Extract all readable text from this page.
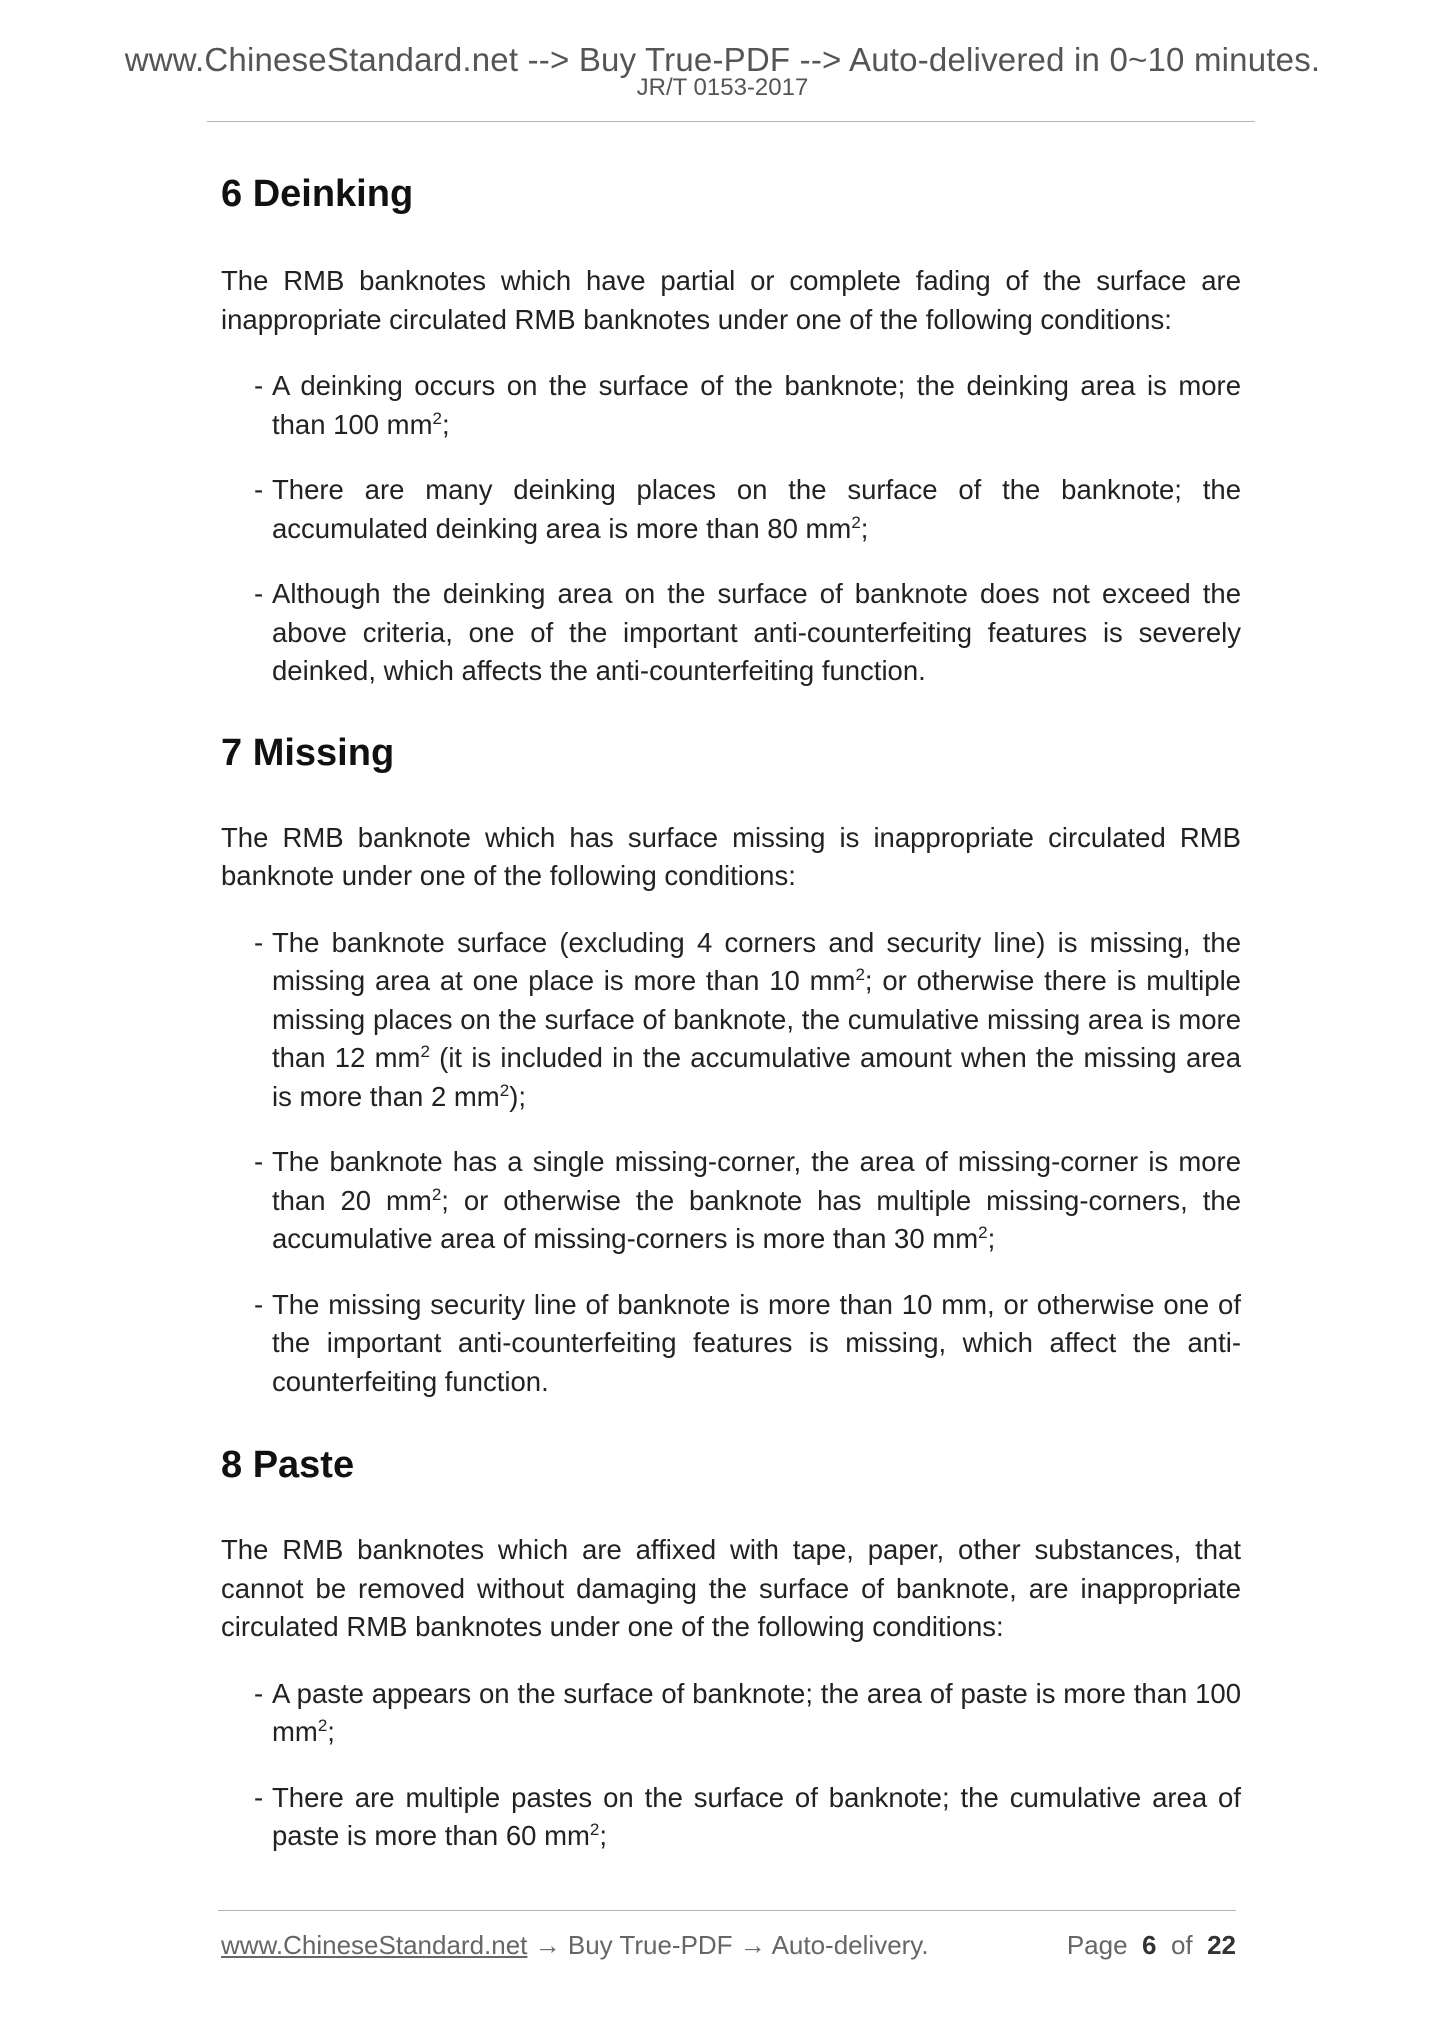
www.ChineseStandard.net --> Buy True-PDF --> Auto-delivered in 0~10 minutes.
JR/T 0153-2017
6 Deinking

The RMB banknotes which have partial or complete fading of the surface are inappropriate circulated RMB banknotes under one of the following conditions:

- A deinking occurs on the surface of the banknote; the deinking area is more than 100 $mm^2$;
- There are many deinking places on the surface of the banknote; the accumulated deinking area is more than 80 $mm^2$;
- Although the deinking area on the surface of banknote does not exceed the above criteria, one of the important anti-counterfeiting features is severely deinked, which affects the anti-counterfeiting function.
7 Missing

The RMB banknote which has surface missing is inappropriate circulated RMB banknote under one of the following conditions:

- The banknote surface (excluding 4 corners and security line) is missing, the missing area at one place is more than 10 $mm^2$; or otherwise there is multiple missing places on the surface of banknote, the cumulative missing area is more than 12 $mm^2$ (it is included in the accumulative amount when the missing area is more than 2 $mm^2$);
- The banknote has a single missing-corner, the area of missing-corner is more than 20 $mm^2$; or otherwise the banknote has multiple missing-corners, the accumulative area of missing-corners is more than 30 $mm^2$;
- The missing security line of banknote is more than 10 mm, or otherwise one of the important anti-counterfeiting features is missing, which affect the anti-counterfeiting function.
8 Paste

The RMB banknotes which are affixed with tape, paper, other substances, that cannot be removed without damaging the surface of banknote, are inappropriate circulated RMB banknotes under one of the following conditions:

- A paste appears on the surface of banknote; the area of paste is more than 100 $mm^2$;
- There are multiple pastes on the surface of banknote; the cumulative area of paste is more than 60 $mm^2$;
www.ChineseStandard.net → Buy True-PDF → Auto-delivery.	Page 6 of 22
